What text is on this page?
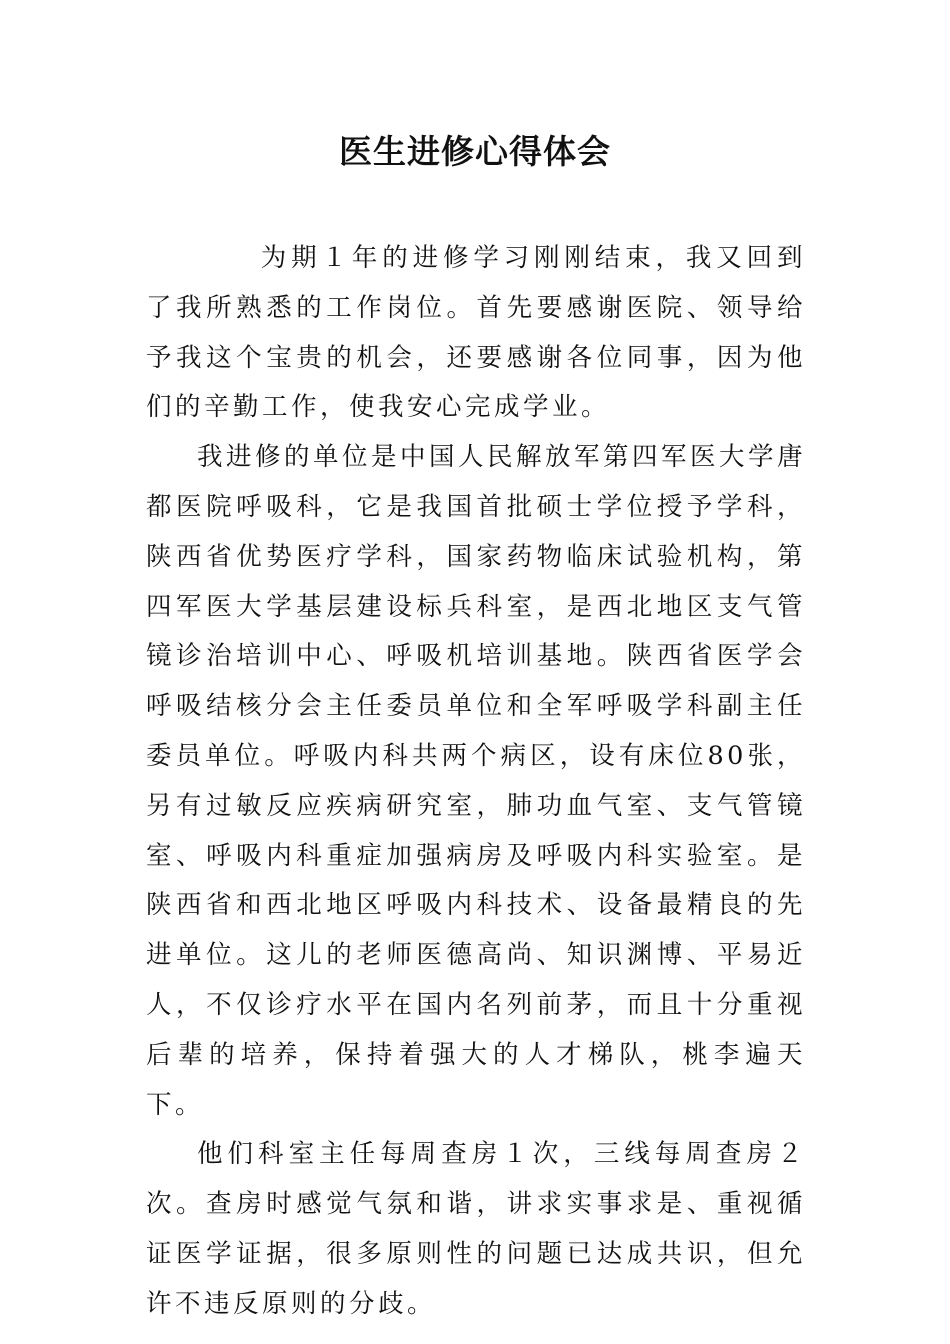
医生进修心得体会

为期１年的进修学习刚刚结束，我又回到了我所熟悉的工作岗位。首先要感谢医院、领导给予我这个宝贵的机会，还要感谢各位同事，因为他们的辛勤工作，使我安心完成学业。

我进修的单位是中国人民解放军第四军医大学唐都医院呼吸科，它是我国首批硕士学位授予学科，陕西省优势医疗学科，国家药物临床试验机构，第四军医大学基层建设标兵科室，是西北地区支气管镜诊治培训中心、呼吸机培训基地。陕西省医学会呼吸结核分会主任委员单位和全军呼吸学科副主任委员单位。呼吸内科共两个病区，设有床位80张，另有过敏反应疾病研究室，肺功血气室、支气管镜室、呼吸内科重症加强病房及呼吸内科实验室。是陕西省和西北地区呼吸内科技术、设备最精良的先进单位。这儿的老师医德高尚、知识渊博、平易近人，不仅诊疗水平在国内名列前茅，而且十分重视后辈的培养，保持着强大的人才梯队，桃李遍天下。

他们科室主任每周查房１次，三线每周查房２次。查房时感觉气氛和谐，讲求实事求是、重视循证医学证据，很多原则性的问题已达成共识，但允许不违反原则的分歧。
